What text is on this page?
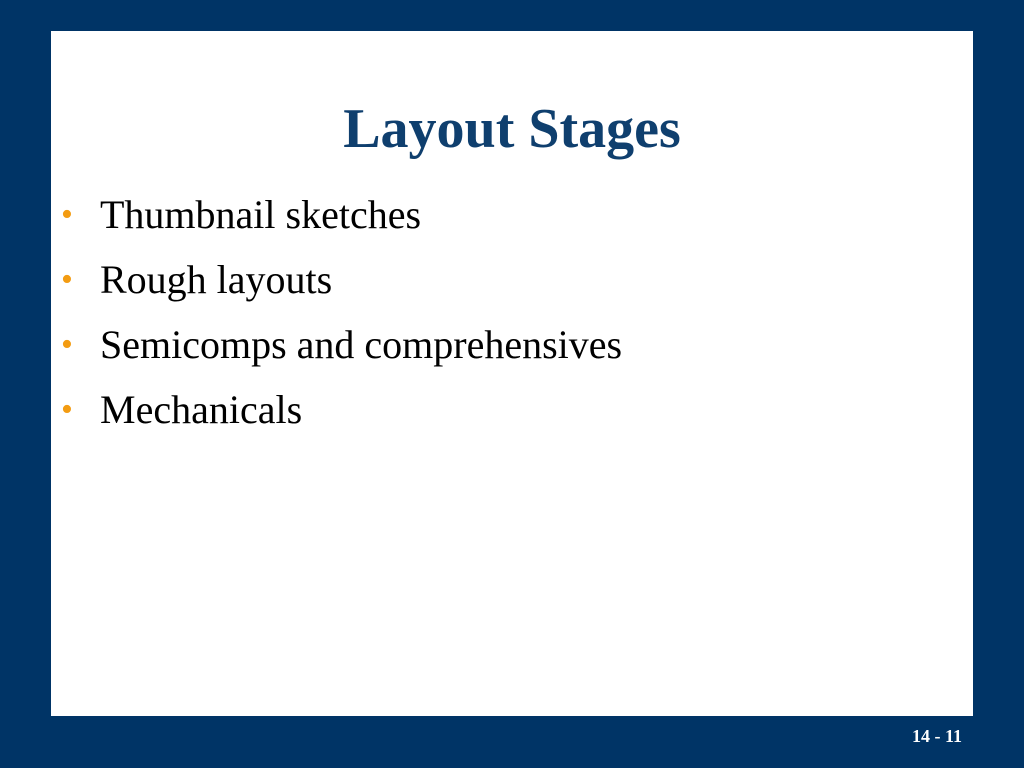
Layout Stages
• Thumbnail sketches
• Rough layouts
• Semicomps and comprehensives
• Mechanicals
14 - 11
